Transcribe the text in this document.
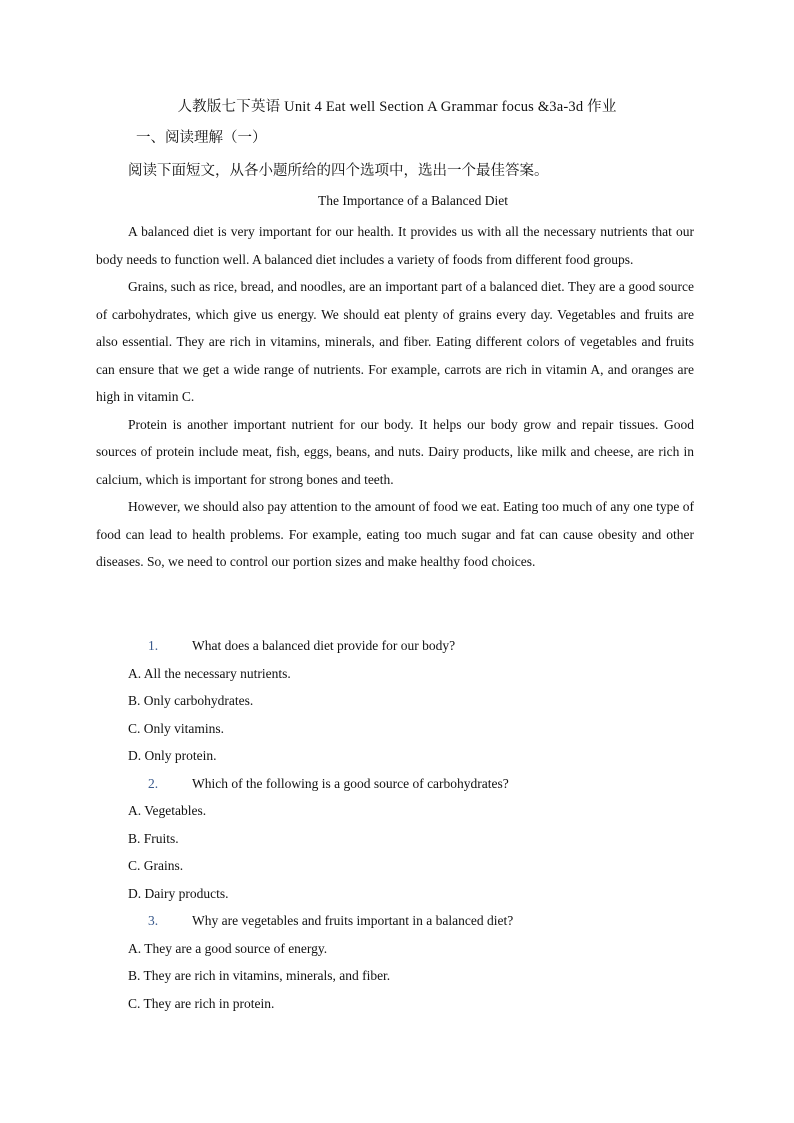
人教版七下英语 Unit 4 Eat well Section A Grammar focus &3a-3d 作业
一、阅读理解（一）
阅读下面短文，从各小题所给的四个选项中，选出一个最佳答案。
The Importance of a Balanced Diet

A balanced diet is very important for our health. It provides us with all the necessary nutrients that our body needs to function well. A balanced diet includes a variety of foods from different food groups.

Grains, such as rice, bread, and noodles, are an important part of a balanced diet. They are a good source of carbohydrates, which give us energy. We should eat plenty of grains every day. Vegetables and fruits are also essential. They are rich in vitamins, minerals, and fiber. Eating different colors of vegetables and fruits can ensure that we get a wide range of nutrients. For example, carrots are rich in vitamin A, and oranges are high in vitamin C.

Protein is another important nutrient for our body. It helps our body grow and repair tissues. Good sources of protein include meat, fish, eggs, beans, and nuts. Dairy products, like milk and cheese, are rich in calcium, which is important for strong bones and teeth.

However, we should also pay attention to the amount of food we eat. Eating too much of any one type of food can lead to health problems. For example, eating too much sugar and fat can cause obesity and other diseases. So, we need to control our portion sizes and make healthy food choices.

1.	What does a balanced diet provide for our body?

A. All the necessary nutrients.

B. Only carbohydrates.

C. Only vitamins.

D. Only protein.

2.	Which of the following is a good source of carbohydrates?

A. Vegetables.

B. Fruits.

C. Grains.

D. Dairy products.

3.	Why are vegetables and fruits important in a balanced diet?

A. They are a good source of energy.

B. They are rich in vitamins, minerals, and fiber.

C. They are rich in protein.
